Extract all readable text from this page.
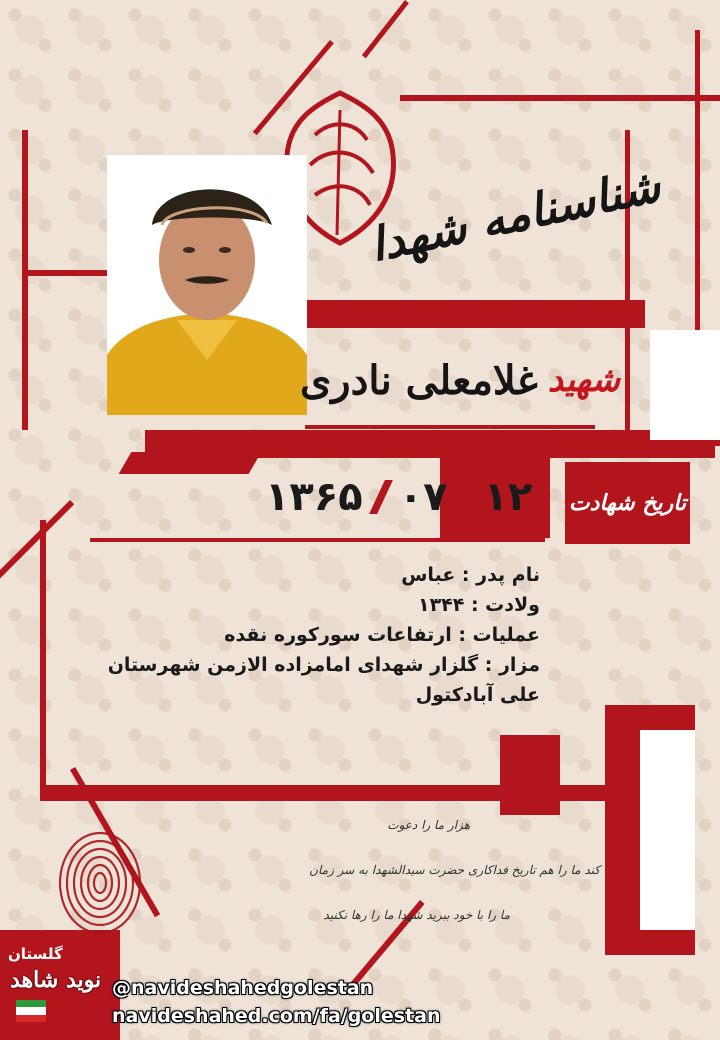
شناسنامه شهدا
شهید
غلامعلی نادری
تاریخ شهادت
۱۳۶۵ ۰۷ ۱۲
نام پدر : عباس
ولادت : ۱۳۴۴
عملیات : ارتفاعات سورکوره نقده
مزار : گلزار شهدای امامزاده الازمن شهرستان
علی آبادکتول
هزار ما را دعوت
کند ما را هم تاریخ فداکاری حضرت سیدالشهدا به سر زمان
ما را با خود ببرید شهدا ما را رها نکنید
گلستان
نوید شاهد @navideshahedgolestan
navideshahed.com/fa/golestan
